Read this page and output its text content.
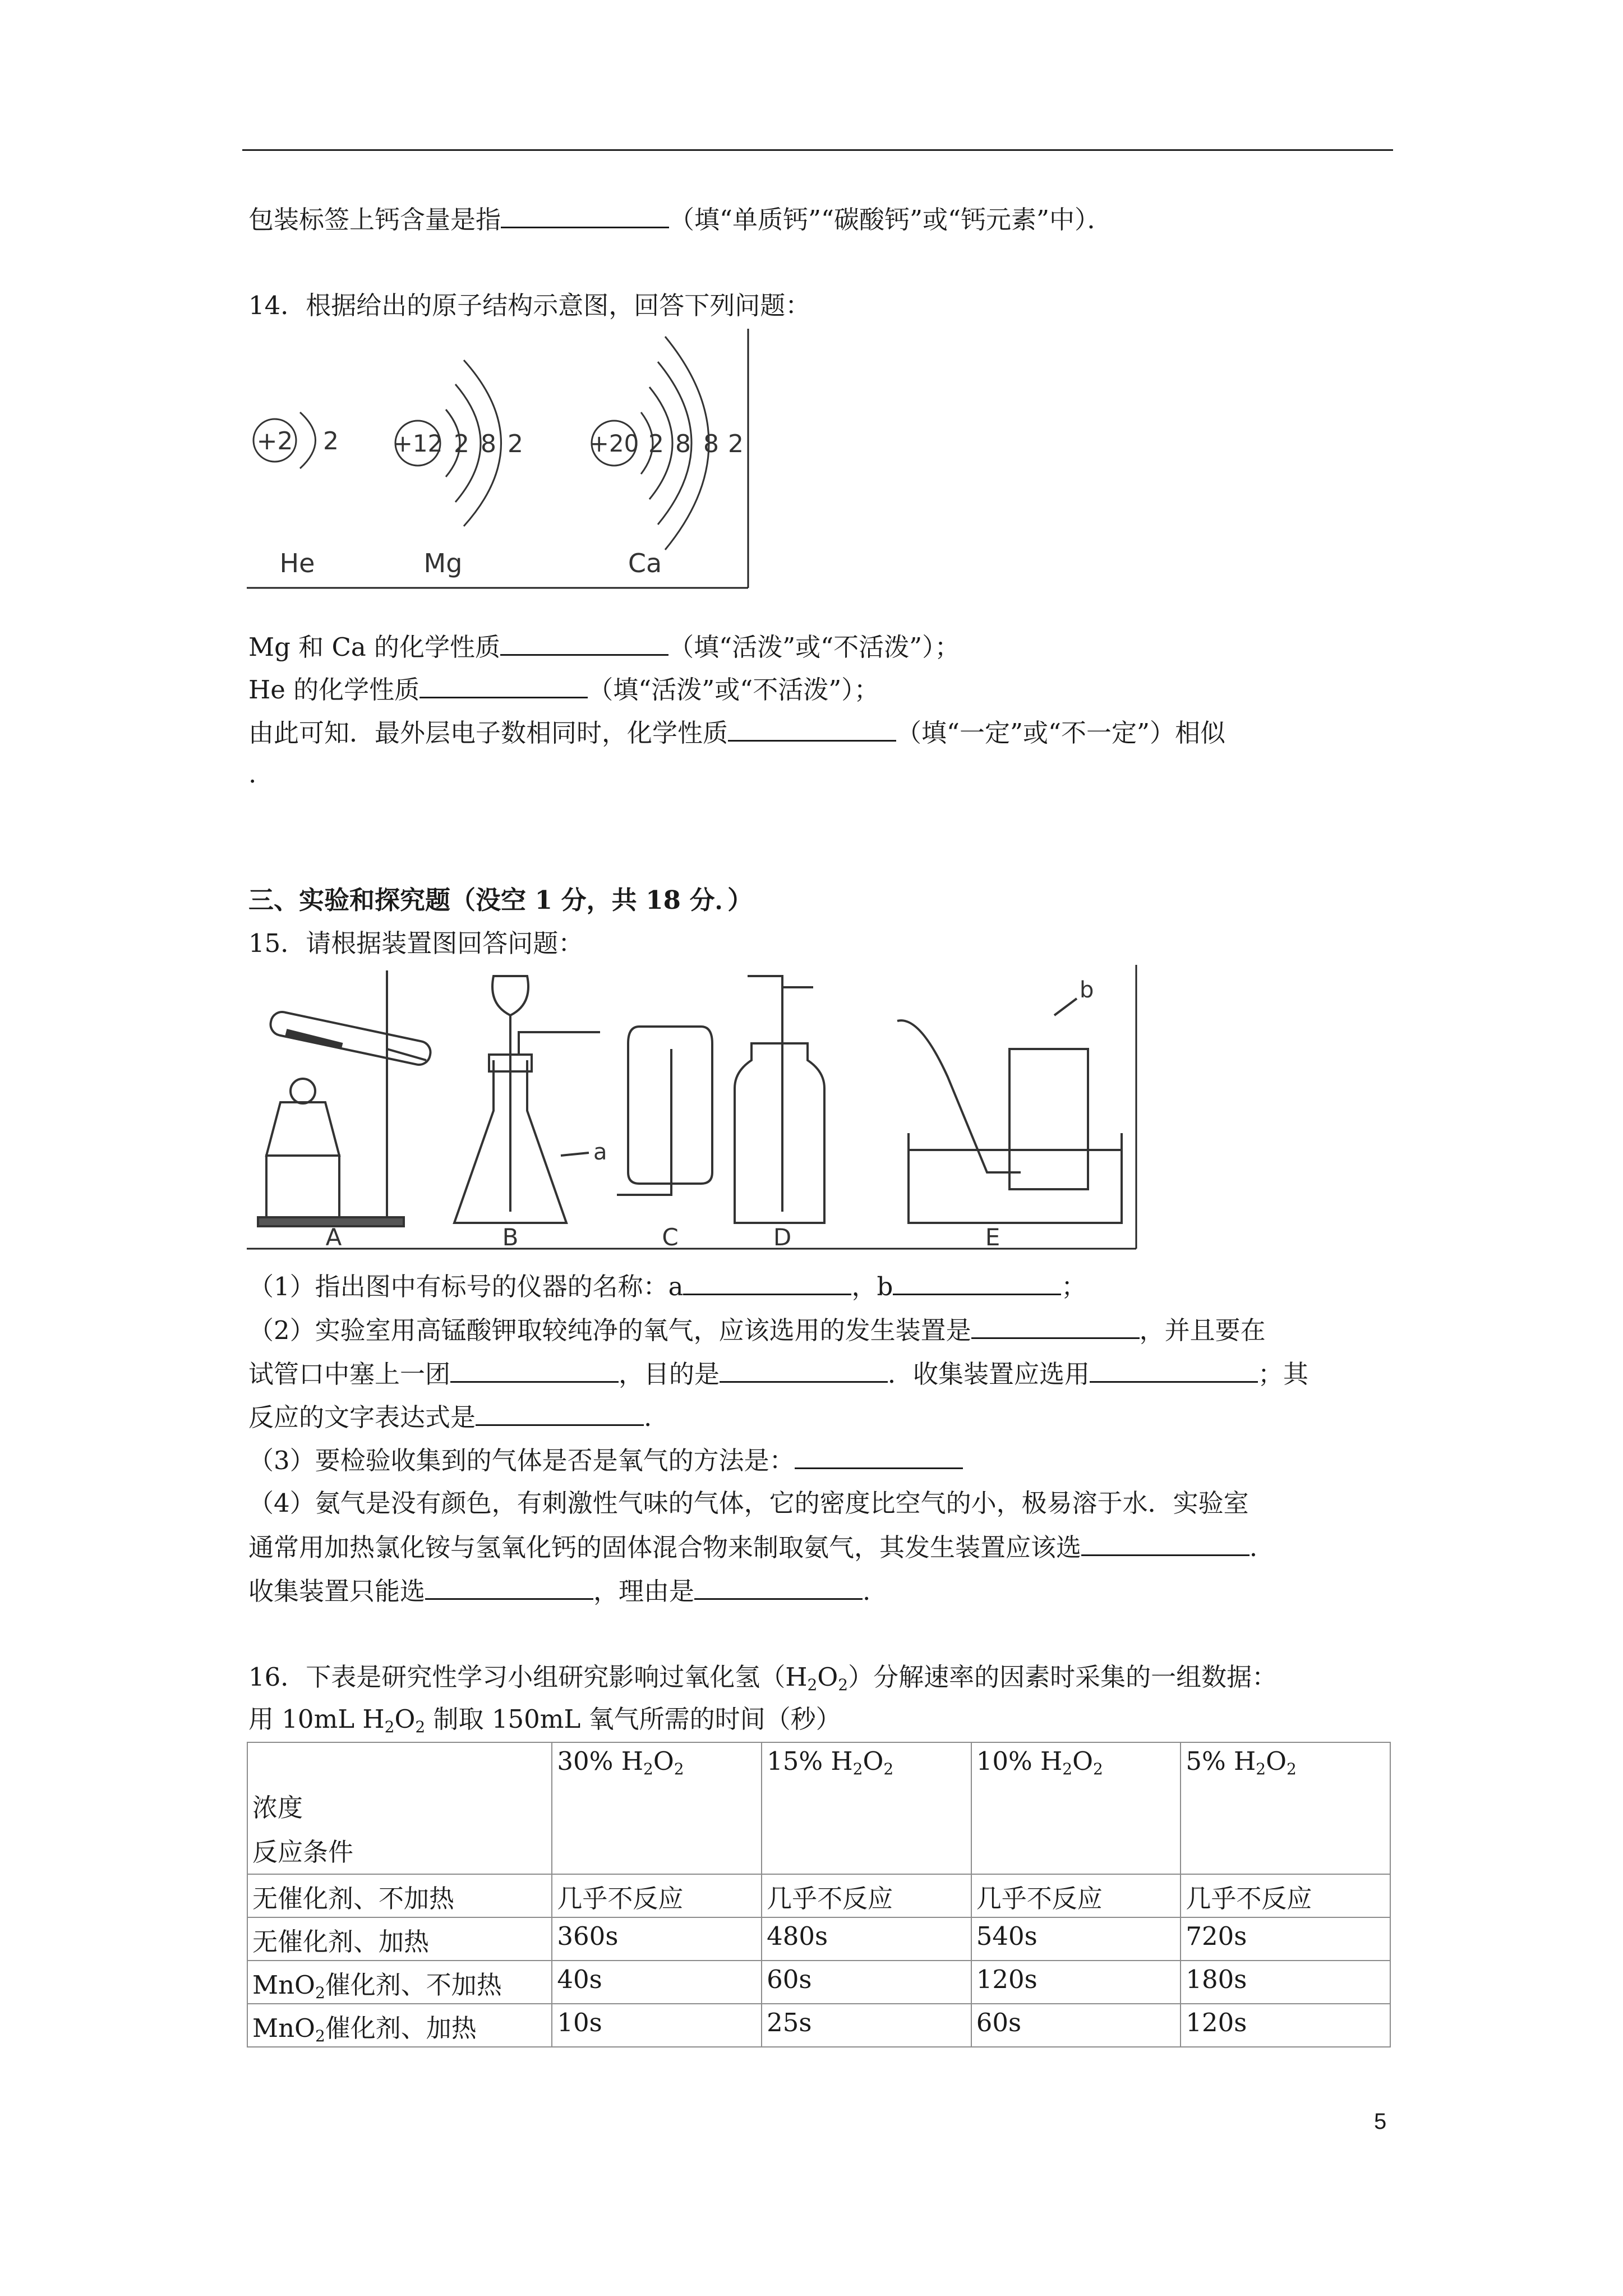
包装标签上钙含量是指	（填“单质钙”“碳酸钙”或“钙元素”中）．
14．根据给出的原子结构示意图，回答下列问题：
+2 2
He
+12 2 8 2
Mg
+20 2 8 8 2
Ca
Mg 和 Ca 的化学性质	（填“活泼”或“不活泼”）；
He 的化学性质	（填“活泼”或“不活泼”）；
由此可知．最外层电子数相同时，化学性质	（填“一定”或“不一定”）相似
.
三、实验和探究题（没空 1 分，共 18 分．）
15．请根据装置图回答问题：
a
b
A	B	C	D	E
（1）指出图中有标号的仪器的名称：a	，b	；
（2）实验室用高锰酸钾取较纯净的氧气，应该选用的发生装置是	，并且要在
试管口中塞上一团	，目的是	．收集装置应选用	；其
反应的文字表达式是	.
（3）要检验收集到的气体是否是氧气的方法是：
（4）氨气是没有颜色，有刺激性气味的气体，它的密度比空气的小，极易溶于水．实验室
通常用加热氯化铵与氢氧化钙的固体混合物来制取氨气，其发生装置应该选	．
收集装置只能选	，理由是	.
16．下表是研究性学习小组研究影响过氧化氢$(H_2O_2)$分解速率的因素时采集的一组数据：
用 10mL $H_2O_2$ 制取 150mL 氧气所需的时间（秒）
浓度
反应条件	30% $H_2O_2$	15% $H_2O_2$	10% $H_2O_2$	5% $H_2O_2$
无催化剂、不加热	几乎不反应	几乎不反应	几乎不反应	几乎不反应
无催化剂、加热	360s	480s	540s	720s
MnO$_2$催化剂、不加热	40s	60s	120s	180s
MnO$_2$催化剂、加热	10s	25s	60s	120s
5
